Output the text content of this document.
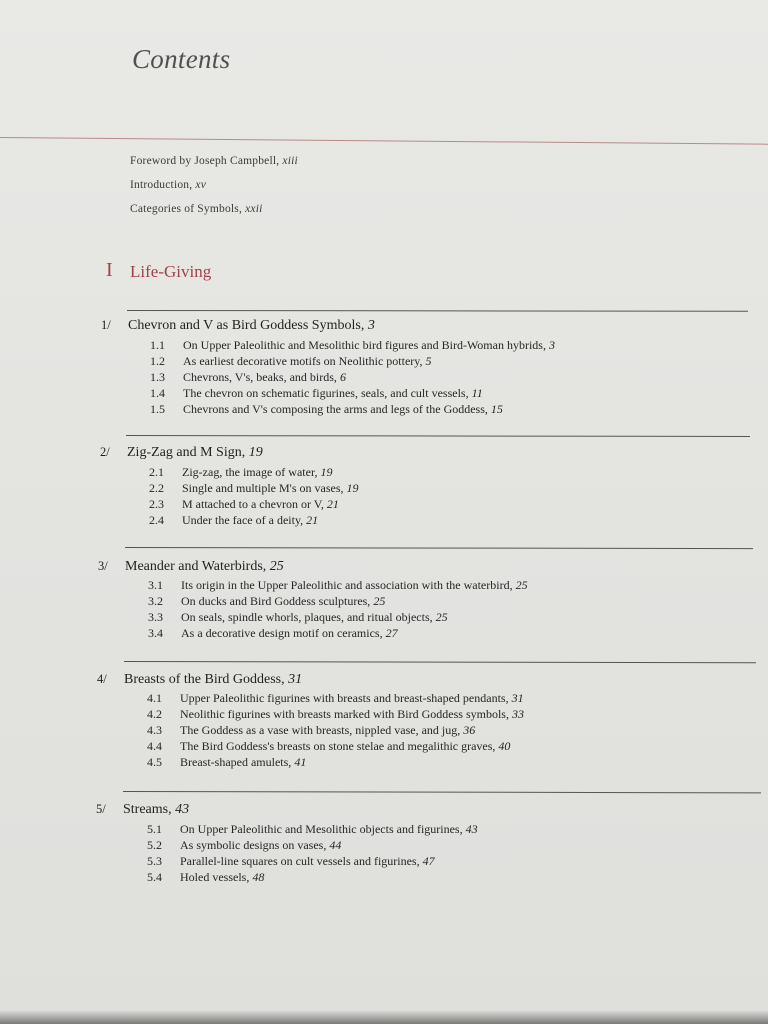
Contents
Foreword by Joseph Campbell, xiii
Introduction, xv
Categories of Symbols, xxii
I Life-Giving
1/ Chevron and V as Bird Goddess Symbols, 3
1.1 On Upper Paleolithic and Mesolithic bird figures and Bird-Woman hybrids, 3
1.2 As earliest decorative motifs on Neolithic pottery, 5
1.3 Chevrons, V's, beaks, and birds, 6
1.4 The chevron on schematic figurines, seals, and cult vessels, 11
1.5 Chevrons and V's composing the arms and legs of the Goddess, 15
2/ Zig-Zag and M Sign, 19
2.1 Zig-zag, the image of water, 19
2.2 Single and multiple M's on vases, 19
2.3 M attached to a chevron or V, 21
2.4 Under the face of a deity, 21
3/ Meander and Waterbirds, 25
3.1 Its origin in the Upper Paleolithic and association with the waterbird, 25
3.2 On ducks and Bird Goddess sculptures, 25
3.3 On seals, spindle whorls, plaques, and ritual objects, 25
3.4 As a decorative design motif on ceramics, 27
4/ Breasts of the Bird Goddess, 31
4.1 Upper Paleolithic figurines with breasts and breast-shaped pendants, 31
4.2 Neolithic figurines with breasts marked with Bird Goddess symbols, 33
4.3 The Goddess as a vase with breasts, nippled vase, and jug, 36
4.4 The Bird Goddess's breasts on stone stelae and megalithic graves, 40
4.5 Breast-shaped amulets, 41
5/ Streams, 43
5.1 On Upper Paleolithic and Mesolithic objects and figurines, 43
5.2 As symbolic designs on vases, 44
5.3 Parallel-line squares on cult vessels and figurines, 47
5.4 Holed vessels, 48
